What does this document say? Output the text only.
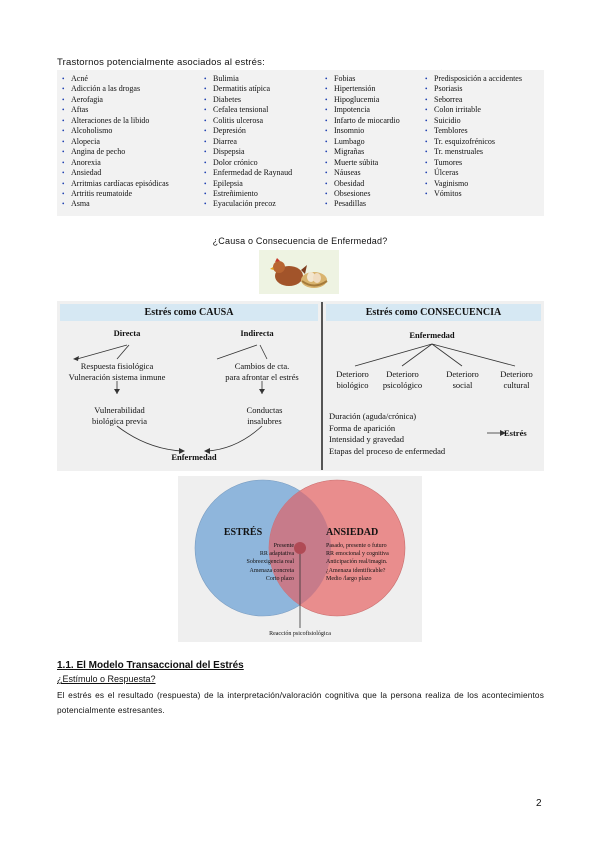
Trastornos potencialmente asociados al estrés:
• Acné
• Adicción a las drogas
• Aerofagia
• Aftas
• Alteraciones de la libido
• Alcoholismo
• Alopecia
• Angina de pecho
• Anorexia
• Ansiedad
• Arritmias cardíacas episódicas
• Artritis reumatoide
• Asma
• Bulimia
• Dermatitis atípica
• Diabetes
• Cefalea tensional
• Colitis ulcerosa
• Depresión
• Diarrea
• Dispepsia
• Dolor crónico
• Enfermedad de Raynaud
• Epilepsia
• Estreñimiento
• Eyaculación precoz
• Fobias
• Hipertensión
• Hipoglucemia
• Impotencia
• Infarto de miocardio
• Insomnio
• Lumbago
• Migrañas
• Muerte súbita
• Náuseas
• Obesidad
• Obsesiones
• Pesadillas
• Predisposición a accidentes
• Psoriasis
• Seborrea
• Colon irritable
• Suicidio
• Temblores
• Tr. esquizofrénicos
• Tr. menstruales
• Tumores
• Úlceras
• Vaginismo
• Vómitos
¿Causa o Consecuencia de Enfermedad?
Estrés como CAUSA	Estrés como CONSECUENCIA
Directa	Indirecta
Respuesta fisiológica
Vulneración sistema inmune
Cambios de cta.
para afrontar el estrés
Vulnerabilidad
biológica previa
Conductas
insalubres
Enfermedad
Enfermedad
Deterioro
biológico
Deterioro
psicológico
Deterioro
social
Deterioro
cultural
Duración (aguda/crónica)
Forma de aparición
Intensidad y gravedad
Etapas del proceso de enfermedad
Estrés
ESTRÉS
Presente
RR adaptativa
Sobreexigencia real
Amenaza concreta
Corto plazo
ANSIEDAD
Pasado, presente o futuro
RR emocional y cognitiva
Anticipación real/imagin.
¿Amenaza identificable?
Medio /largo plazo
Reacción psicofisiológica
1.1. El Modelo Transaccional del Estrés
¿Estímulo o Respuesta?
El estrés es el resultado (respuesta) de la interpretación/valoración cognitiva que la persona realiza de los acontecimientos potencialmente estresantes.
2
